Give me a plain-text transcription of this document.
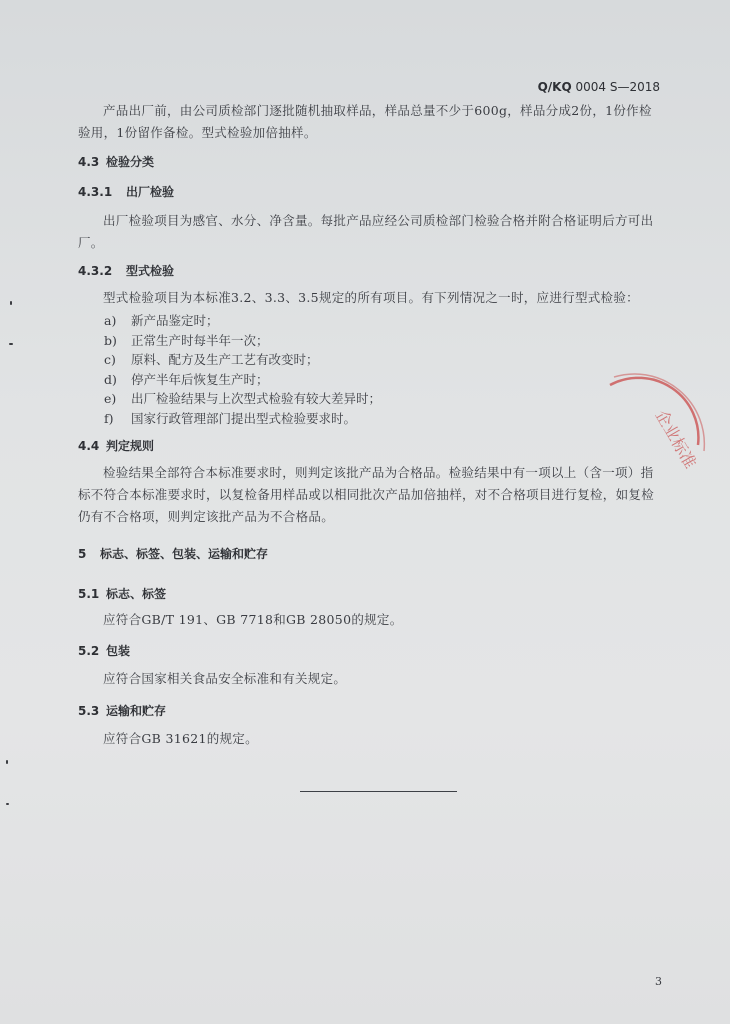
Q/KQ 0004 S—2018
产品出厂前，由公司质检部门逐批随机抽取样品，样品总量不少于600g，样品分成2份，1份作检验用，1份留作备检。型式检验加倍抽样。
4.3 检验分类
4.3.1 出厂检验
出厂检验项目为感官、水分、净含量。每批产品应经公司质检部门检验合格并附合格证明后方可出厂。
4.3.2 型式检验
型式检验项目为本标准3.2、3.3、3.5规定的所有项目。有下列情况之一时，应进行型式检验：
a)	新产品鉴定时；
b)	正常生产时每半年一次；
c)	原料、配方及生产工艺有改变时；
d)	停产半年后恢复生产时；
e)	出厂检验结果与上次型式检验有较大差异时；
f)	国家行政管理部门提出型式检验要求时。
4.4 判定规则
检验结果全部符合本标准要求时，则判定该批产品为合格品。检验结果中有一项以上（含一项）指标不符合本标准要求时，以复检备用样品或以相同批次产品加倍抽样，对不合格项目进行复检，如复检仍有不合格项，则判定该批产品为不合格品。
5 标志、标签、包装、运输和贮存
5.1 标志、标签
应符合GB/T 191、GB 7718和GB 28050的规定。
5.2 包装
应符合国家相关食品安全标准和有关规定。
5.3 运输和贮存
应符合GB 31621的规定。
3
企业标准
